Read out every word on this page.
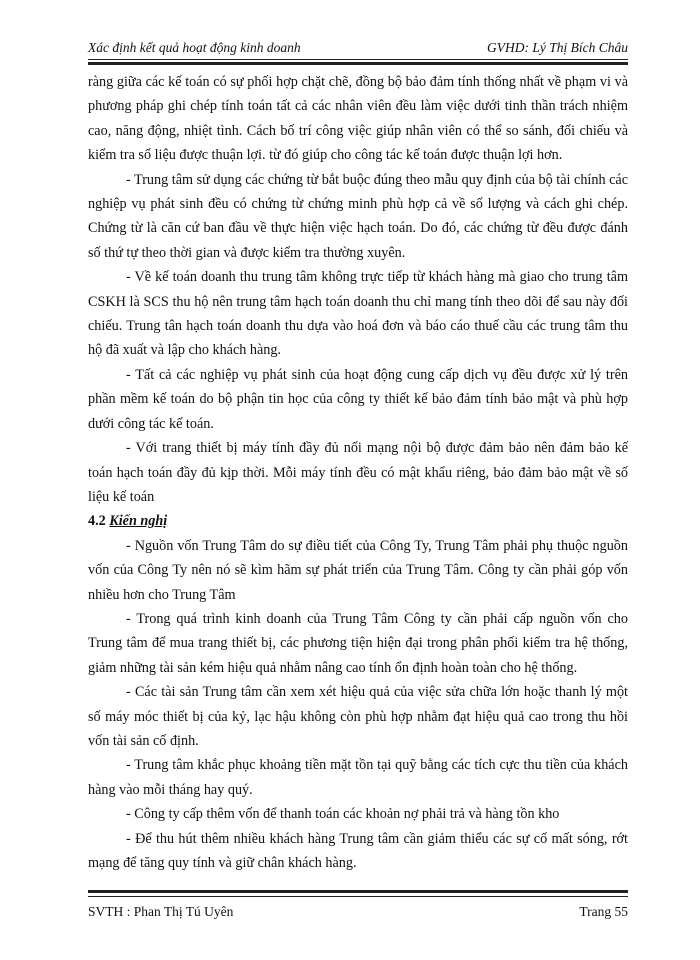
Xác định kết quả hoạt động kinh doanh	GVHD: Lý Thị Bích Châu

ràng giữa các kế toán có sự phối hợp chặt chẽ, đồng bộ bảo đảm tính thống nhất về phạm vi và phương pháp ghi chép tính toán tất cả các nhân viên đều làm việc dưới tinh thần trách nhiệm cao, năng động, nhiệt tình. Cách bố trí công việc giúp nhân viên có thể so sánh, đối chiếu và kiểm tra số liệu được thuận lợi. từ đó giúp cho công tác kế toán được thuận lợi hơn.

- Trung tâm sử dụng các chứng từ bắt buộc đúng theo mẫu quy định của bộ tài chính các nghiệp vụ phát sinh đều có chứng từ chứng minh phù hợp cả về số lượng và cách ghi chép. Chứng từ là căn cứ ban đầu về thực hiện việc hạch toán. Do đó, các chứng từ đều được đánh số thứ tự theo thời gian và được kiểm tra thường xuyên.

- Về kế toán doanh thu trung tâm không trực tiếp từ khách hàng mà giao cho trung tâm CSKH là SCS thu hộ nên trung tâm hạch toán doanh thu chỉ mang tính theo dõi để sau này đối chiếu. Trung tân hạch toán doanh thu dựa vào hoá đơn và báo cáo thuế cầu các trung tâm thu hộ đã xuất và lập cho khách hàng.

- Tất cả các nghiệp vụ phát sinh của hoạt động cung cấp dịch vụ đều được xử lý trên phần mềm kế toán do bộ phận tin học của công ty thiết kế bảo đảm tính bảo mật và phù hợp dưới công tác kế toán.

- Với trang thiết bị máy tính đầy đủ nối mạng nội bộ được đảm bảo nên đảm bảo kế toán hạch toán đầy đủ kịp thời. Mỗi máy tính đều có mật khẩu riêng, bảo đảm bảo mật về số liệu kế toán

4.2 Kiến nghị

- Nguồn vốn Trung Tâm do sự điều tiết của Công Ty, Trung Tâm phải phụ thuộc nguồn vốn của Công Ty nên nó sẽ kìm hãm sự phát triển của Trung Tâm. Công ty cần phải góp vốn nhiều hơn cho Trung Tâm

- Trong quá trình kinh doanh của Trung Tâm Công ty cần phải cấp nguồn vốn cho Trung tâm để mua trang thiết bị, các phương tiện hiện đại trong phân phối kiểm tra hệ thống, giảm những tài sản kém hiệu quả nhằm nâng cao tính ổn định hoàn toàn cho hệ thống.

- Các tài sản Trung tâm cần xem xét hiệu quả của việc sửa chữa lớn hoặc thanh lý một số máy móc thiết bị của kỷ, lạc hậu không còn phù hợp nhằm đạt hiệu quả cao trong thu hồi vốn tài sản cố định.

- Trung tâm khắc phục khoảng tiền mặt tồn tại quỹ bằng các tích cực thu tiền của khách hàng vào mỗi tháng hay quý.

- Công ty cấp thêm vốn để thanh toán các khoản nợ phải trả và hàng tồn kho

- Để thu hút thêm nhiều khách hàng Trung tâm cần giảm thiểu các sự cố mất sóng, rớt mạng để tăng quy tính và giữ chân khách hàng.

SVTH : Phan Thị Tú Uyên	Trang 55
